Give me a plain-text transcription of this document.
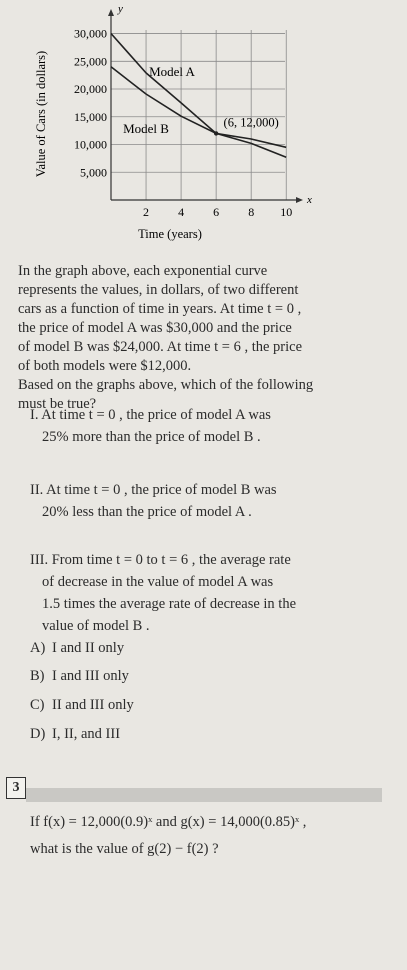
y
x
5,000
10,000
15,000
20,000
25,000
30,000
2 4 6 8 10
Time (years)
Value of Cars (in dollars)	Model A
Model B	(6, 12,000)
In the graph above, each exponential curve
represents the values, in dollars, of two different
cars as a function of time in years. At time t = 0 ,
the price of model A was $30,000 and the price
of model B was $24,000. At time t = 6 , the price
of both models were $12,000.
Based on the graphs above, which of the following
must be true?
I. At time t = 0 , the price of model A was
25% more than the price of model B .
II. At time t = 0 , the price of model B was
20% less than the price of model A .
III. From time t = 0 to t = 6 , the average rate
of decrease in the value of model A was
1.5 times the average rate of decrease in the
value of model B .
A) I and II only
B) I and III only
C) II and III only
D) I, II, and III
3
If f(x) = 12,000(0.9)ˣ and g(x) = 14,000(0.85)ˣ ,
what is the value of g(2) − f(2) ?
